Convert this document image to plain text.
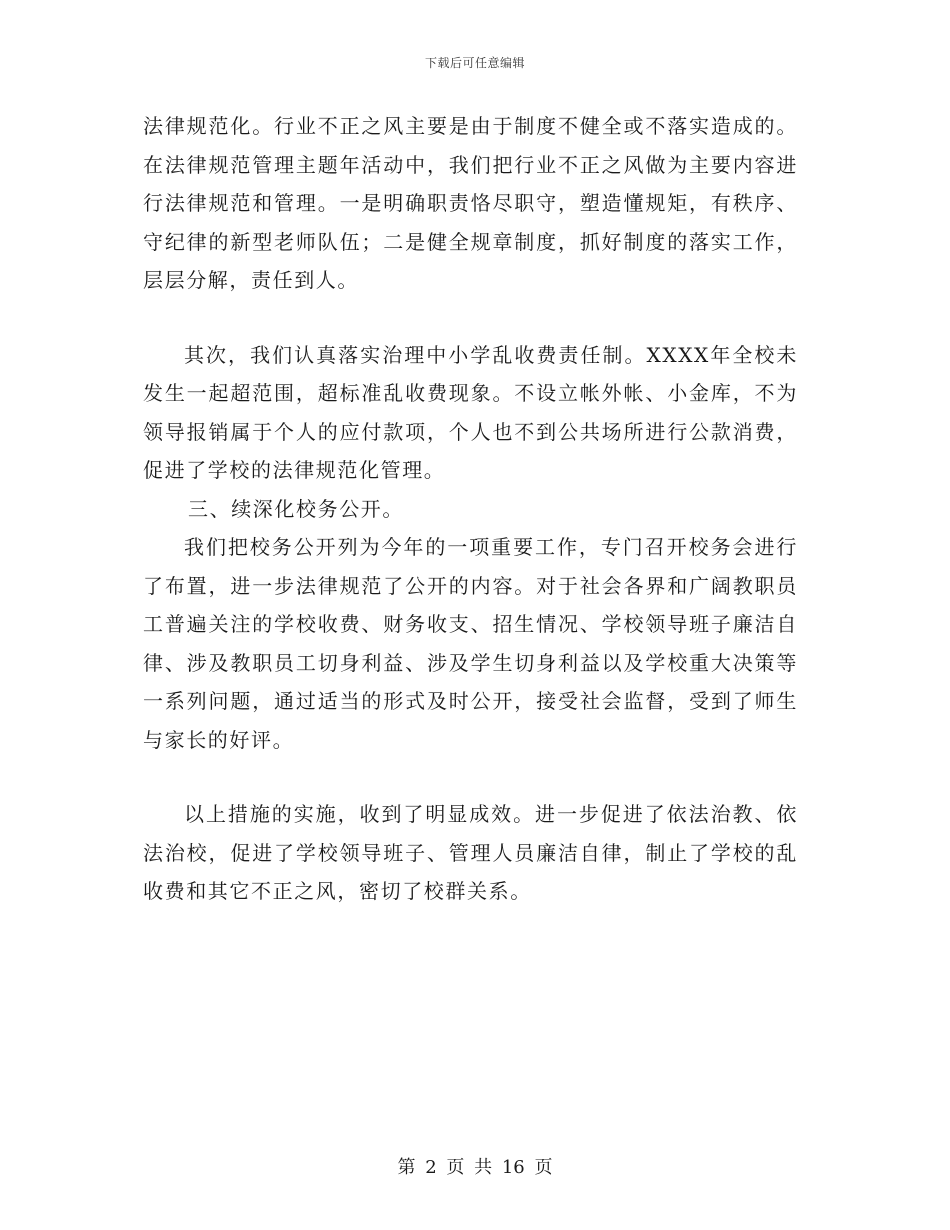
下载后可任意编辑

法律规范化。行业不正之风主要是由于制度不健全或不落实造成的。在法律规范管理主题年活动中，我们把行业不正之风做为主要内容进行法律规范和管理。一是明确职责恪尽职守，塑造懂规矩，有秩序、守纪律的新型老师队伍；二是健全规章制度，抓好制度的落实工作，层层分解，责任到人。

其次，我们认真落实治理中小学乱收费责任制。XXXX年全校未发生一起超范围，超标准乱收费现象。不设立帐外帐、小金库，不为领导报销属于个人的应付款项，个人也不到公共场所进行公款消费，促进了学校的法律规范化管理。

三、续深化校务公开。

我们把校务公开列为今年的一项重要工作，专门召开校务会进行了布置，进一步法律规范了公开的内容。对于社会各界和广阔教职员工普遍关注的学校收费、财务收支、招生情况、学校领导班子廉洁自律、涉及教职员工切身利益、涉及学生切身利益以及学校重大决策等一系列问题，通过适当的形式及时公开，接受社会监督，受到了师生与家长的好评。

以上措施的实施，收到了明显成效。进一步促进了依法治教、依法治校，促进了学校领导班子、管理人员廉洁自律，制止了学校的乱收费和其它不正之风，密切了校群关系。

第 2 页 共 16 页
